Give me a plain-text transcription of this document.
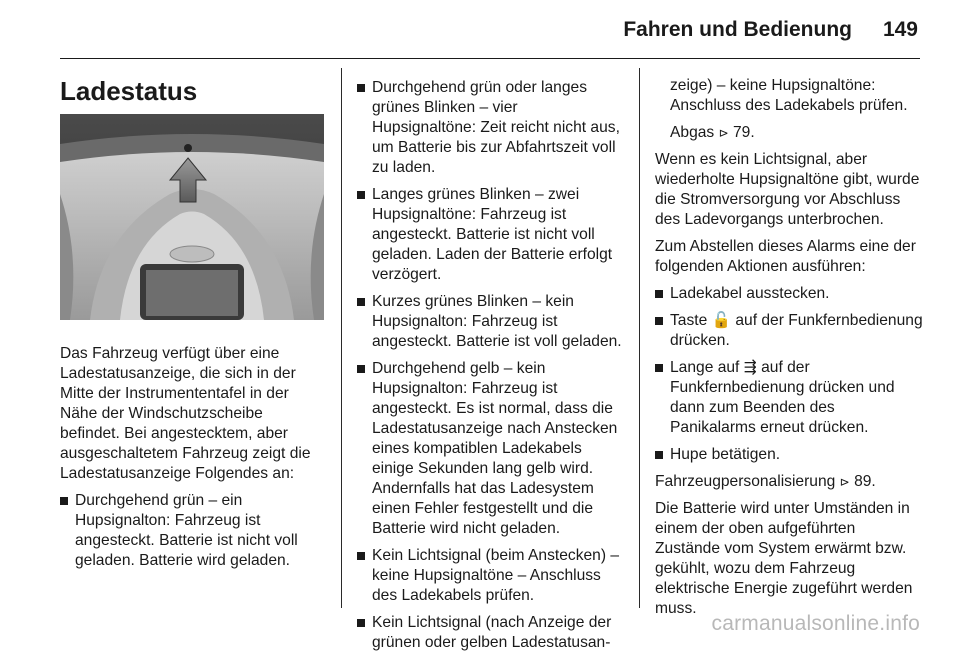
Fahren und Bedienung 149
Ladestatus

Das Fahrzeug verfügt über eine Ladestatusanzeige, die sich in der Mitte der Instrumententafel in der Nähe der Windschutzscheibe befindet. Bei angestecktem, aber ausgeschaltetem Fahrzeug zeigt die Ladestatusanzeige Folgendes an:

Durchgehend grün – ein Hupsignalton: Fahrzeug ist angesteckt. Batterie ist nicht voll geladen. Batterie wird geladen.
Durchgehend grün oder langes grünes Blinken – vier Hupsignaltöne: Zeit reicht nicht aus, um Batterie bis zur Abfahrtszeit voll zu laden.
Langes grünes Blinken – zwei Hupsignaltöne: Fahrzeug ist angesteckt. Batterie ist nicht voll geladen. Laden der Batterie erfolgt verzögert.
Kurzes grünes Blinken – kein Hupsignalton: Fahrzeug ist angesteckt. Batterie ist voll geladen.
Durchgehend gelb – kein Hupsignalton: Fahrzeug ist angesteckt. Es ist normal, dass die Ladestatusanzeige nach Anstecken eines kompatiblen Ladekabels einige Sekunden lang gelb wird. Andernfalls hat das Ladesystem einen Fehler festgestellt und die Batterie wird nicht geladen.
Kein Lichtsignal (beim Anstecken) – keine Hupsignaltöne – Anschluss des Ladekabels prüfen.
Kein Lichtsignal (nach Anzeige der grünen oder gelben Ladestatusan-

zeige) – keine Hupsignaltöne: Anschluss des Ladekabels prüfen.

Abgas ⊳ 79.

Wenn es kein Lichtsignal, aber wiederholte Hupsignaltöne gibt, wurde die Stromversorgung vor Abschluss des Ladevorgangs unterbrochen.

Zum Abstellen dieses Alarms eine der folgenden Aktionen ausführen:

Ladekabel ausstecken.
Taste 🔓 auf der Funkfernbedienung drücken.
Lange auf ⇶ auf der Funkfernbedienung drücken und dann zum Beenden des Panikalarms erneut drücken.
Hupe betätigen.

Fahrzeugpersonalisierung ⊳ 89.

Die Batterie wird unter Umständen in einem der oben aufgeführten Zustände vom System erwärmt bzw. gekühlt, wozu dem Fahrzeug elektrische Energie zugeführt werden muss.

carmanualsonline.info
